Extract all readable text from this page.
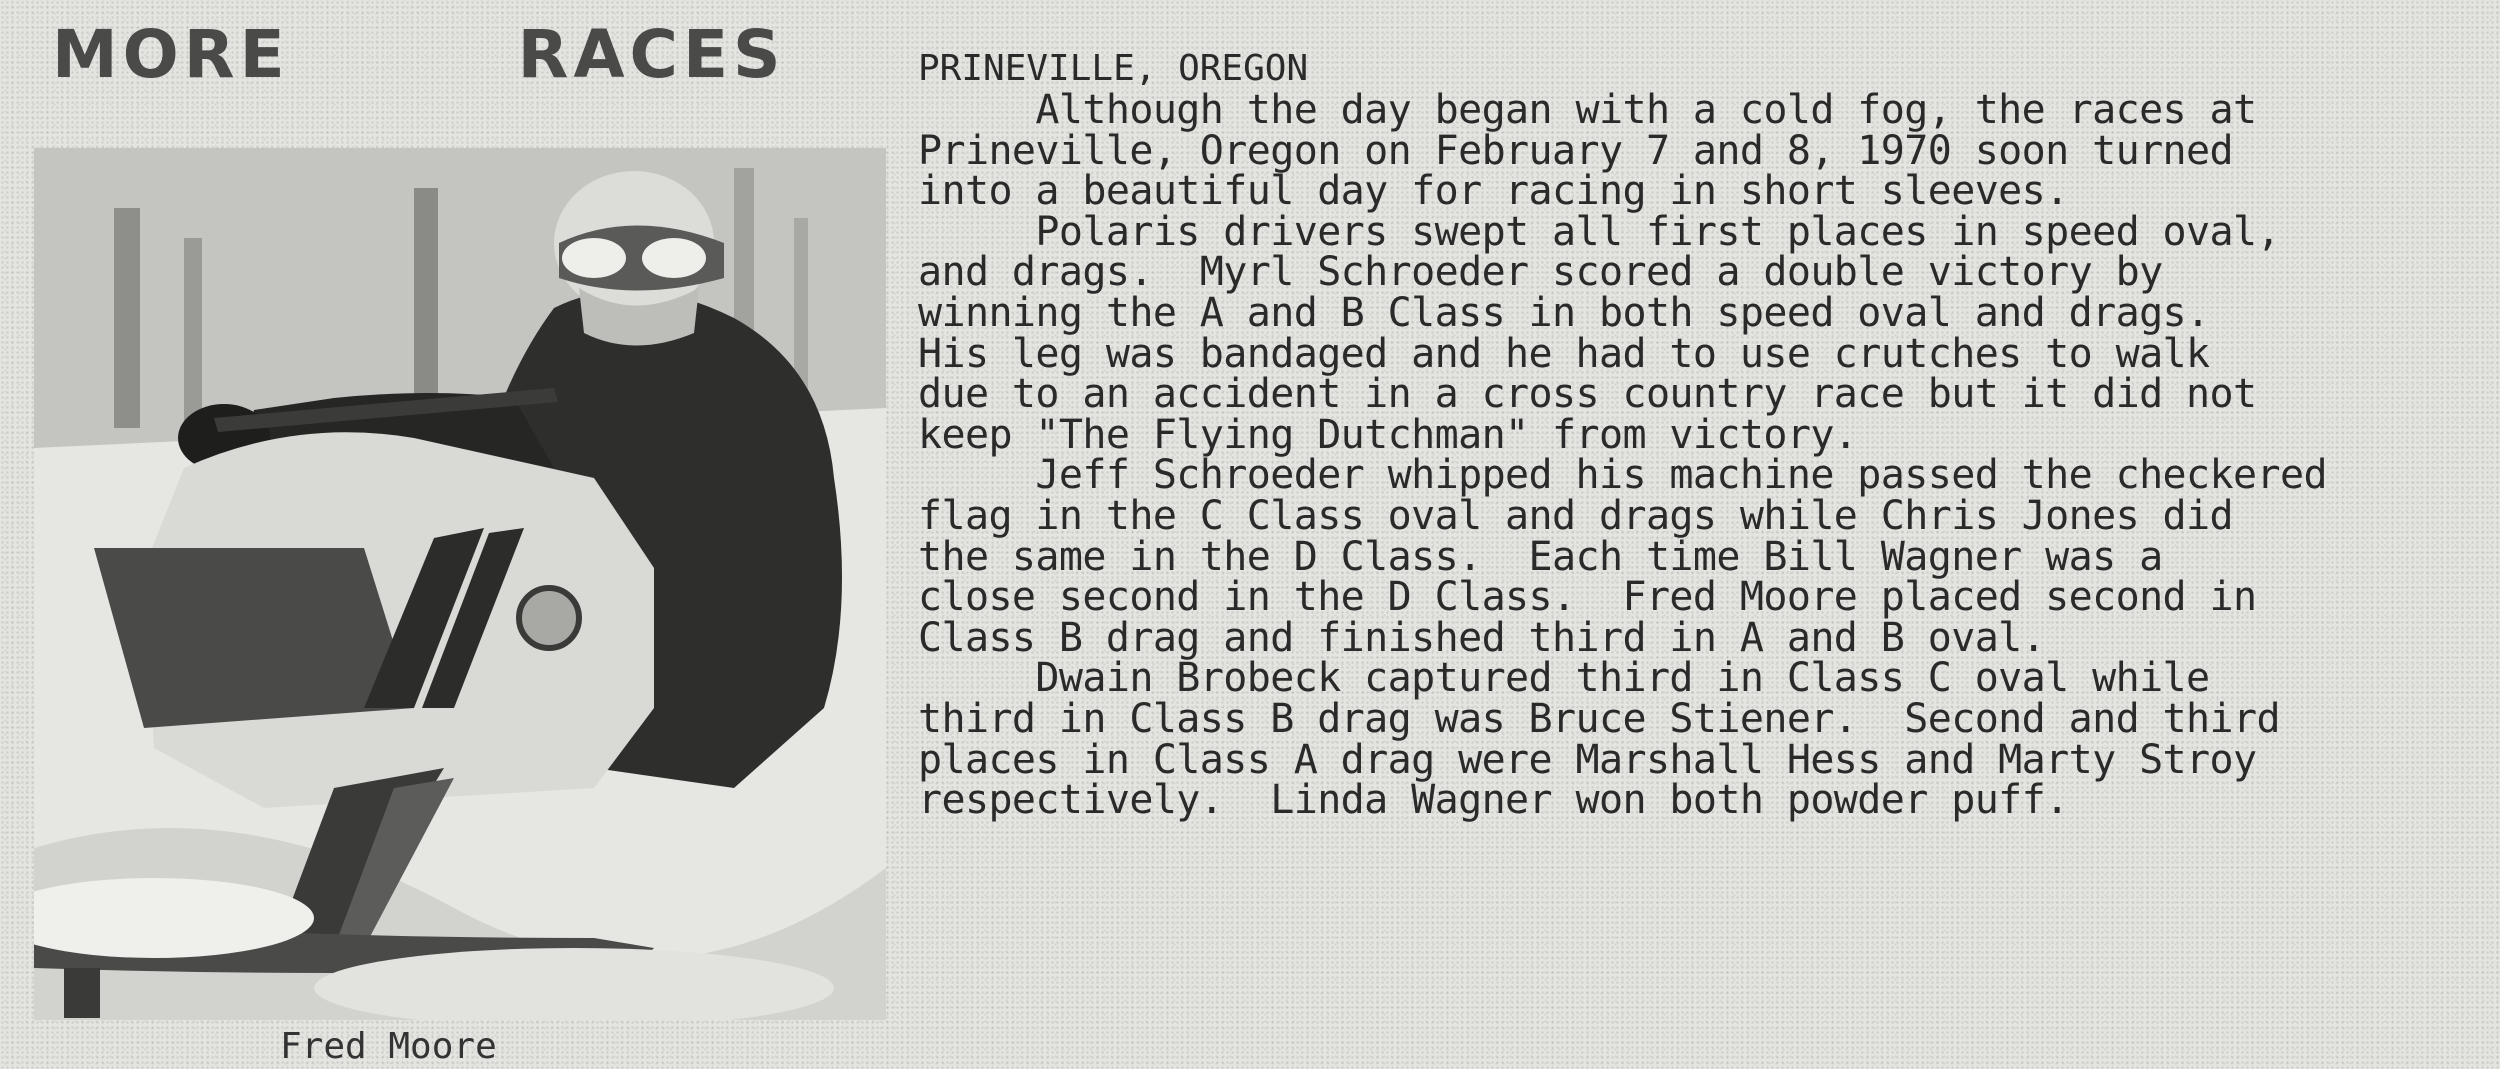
MORE   RACES
Fred Moore
PRINEVILLE, OREGON
Although the day began with a cold fog, the races at
Prineville, Oregon on February 7 and 8, 1970 soon turned
into a beautiful day for racing in short sleeves.
Polaris drivers swept all first places in speed oval,
and drags.  Myrl Schroeder scored a double victory by
winning the A and B Class in both speed oval and drags.
His leg was bandaged and he had to use crutches to walk
due to an accident in a cross country race but it did not
keep "The Flying Dutchman" from victory.
Jeff Schroeder whipped his machine passed the checkered
flag in the C Class oval and drags while Chris Jones did
the same in the D Class.  Each time Bill Wagner was a
close second in the D Class.  Fred Moore placed second in
Class B drag and finished third in A and B oval.
Dwain Brobeck captured third in Class C oval while
third in Class B drag was Bruce Stiener.  Second and third
places in Class A drag were Marshall Hess and Marty Stroy
respectively.  Linda Wagner won both powder puff.
